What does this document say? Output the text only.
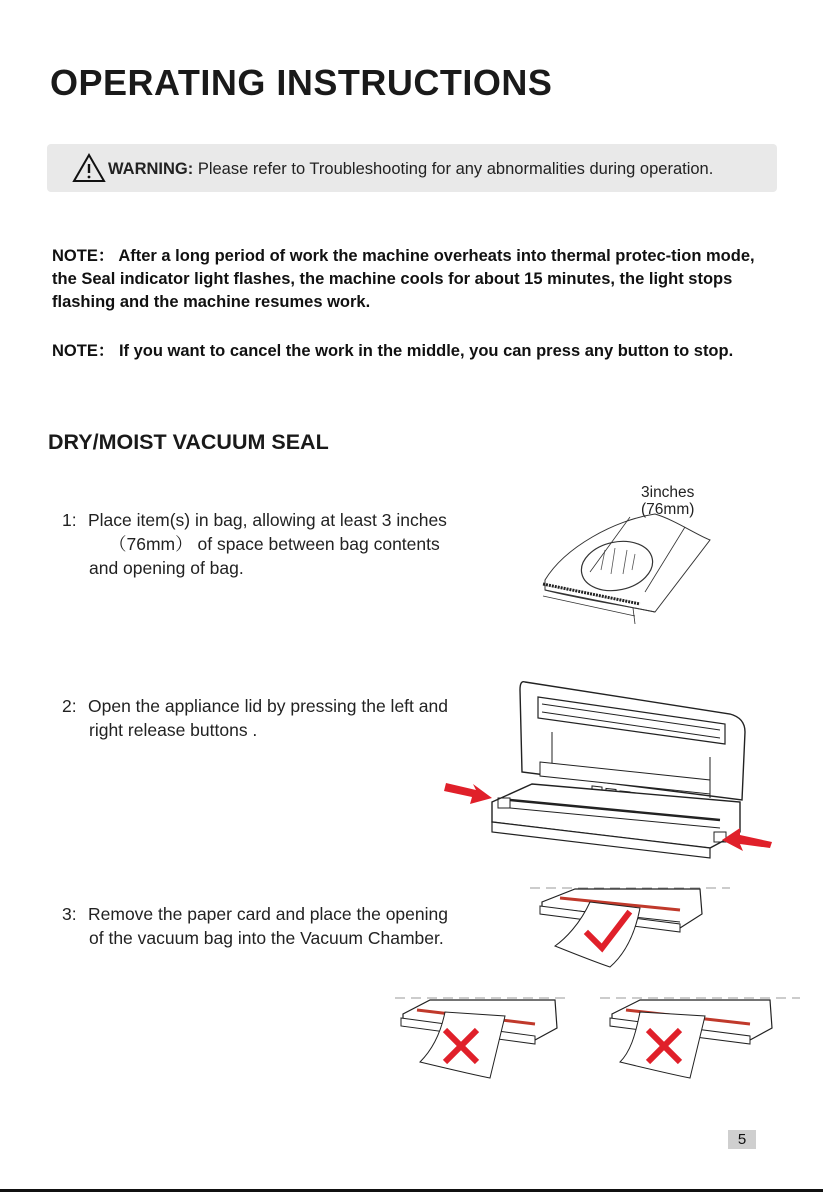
OPERATING INSTRUCTIONS
WARNING: Please refer to Troubleshooting for any abnormalities during operation.
NOTE： After a long period of work the machine overheats into thermal protec-tion mode, the Seal indicator light flashes, the machine cools for about 15 minutes, the light stops flashing and the machine resumes work.
NOTE： If you want to cancel the work in the middle, you can press any button to stop.
DRY/MOIST VACUUM SEAL
1: Place item(s) in bag, allowing at least 3 inches
（76mm） of space between bag contents
and opening of bag.
3inches
(76mm)
2: Open the appliance lid by pressing the left and
right release buttons .
3: Remove the paper card and place the opening
of the vacuum bag into the Vacuum Chamber.
5
